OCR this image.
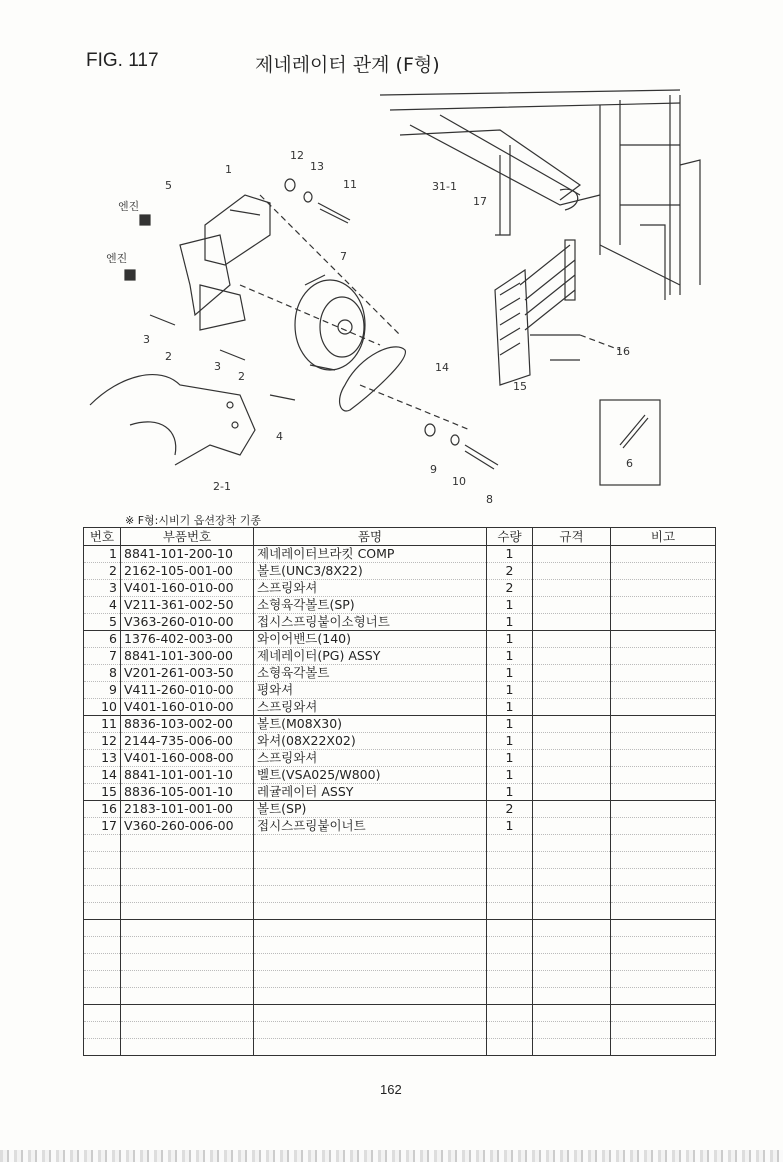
FIG. 117	제네레이터 관계 (F형)
엔진
엔진
1
2
2
2-1
3
3
4
5
6
7
8
9
10
11
12
13
14
15
16
17
31-1
※ F형:시비기 옵션장착 기종
번호	부품번호	품명	수량	규격	비고
1	8841-101-200-10	제네레이터브라킷 COMP	1		
2	2162-105-001-00	볼트(UNC3/8X22)	2		
3	V401-160-010-00	스프링와셔	2		
4	V211-361-002-50	소형육각볼트(SP)	1		
5	V363-260-010-00	접시스프링붙이소형너트	1		
6	1376-402-003-00	와이어밴드(140)	1		
7	8841-101-300-00	제네레이터(PG) ASSY	1		
8	V201-261-003-50	소형육각볼트	1		
9	V411-260-010-00	평와셔	1		
10	V401-160-010-00	스프링와셔	1		
11	8836-103-002-00	볼트(M08X30)	1		
12	2144-735-006-00	와셔(08X22X02)	1		
13	V401-160-008-00	스프링와셔	1		
14	8841-101-001-10	벨트(VSA025/W800)	1		
15	8836-105-001-10	레귤레이터 ASSY	1		
16	2183-101-001-00	볼트(SP)	2		
17	V360-260-006-00	접시스프링붙이너트	1		

162
